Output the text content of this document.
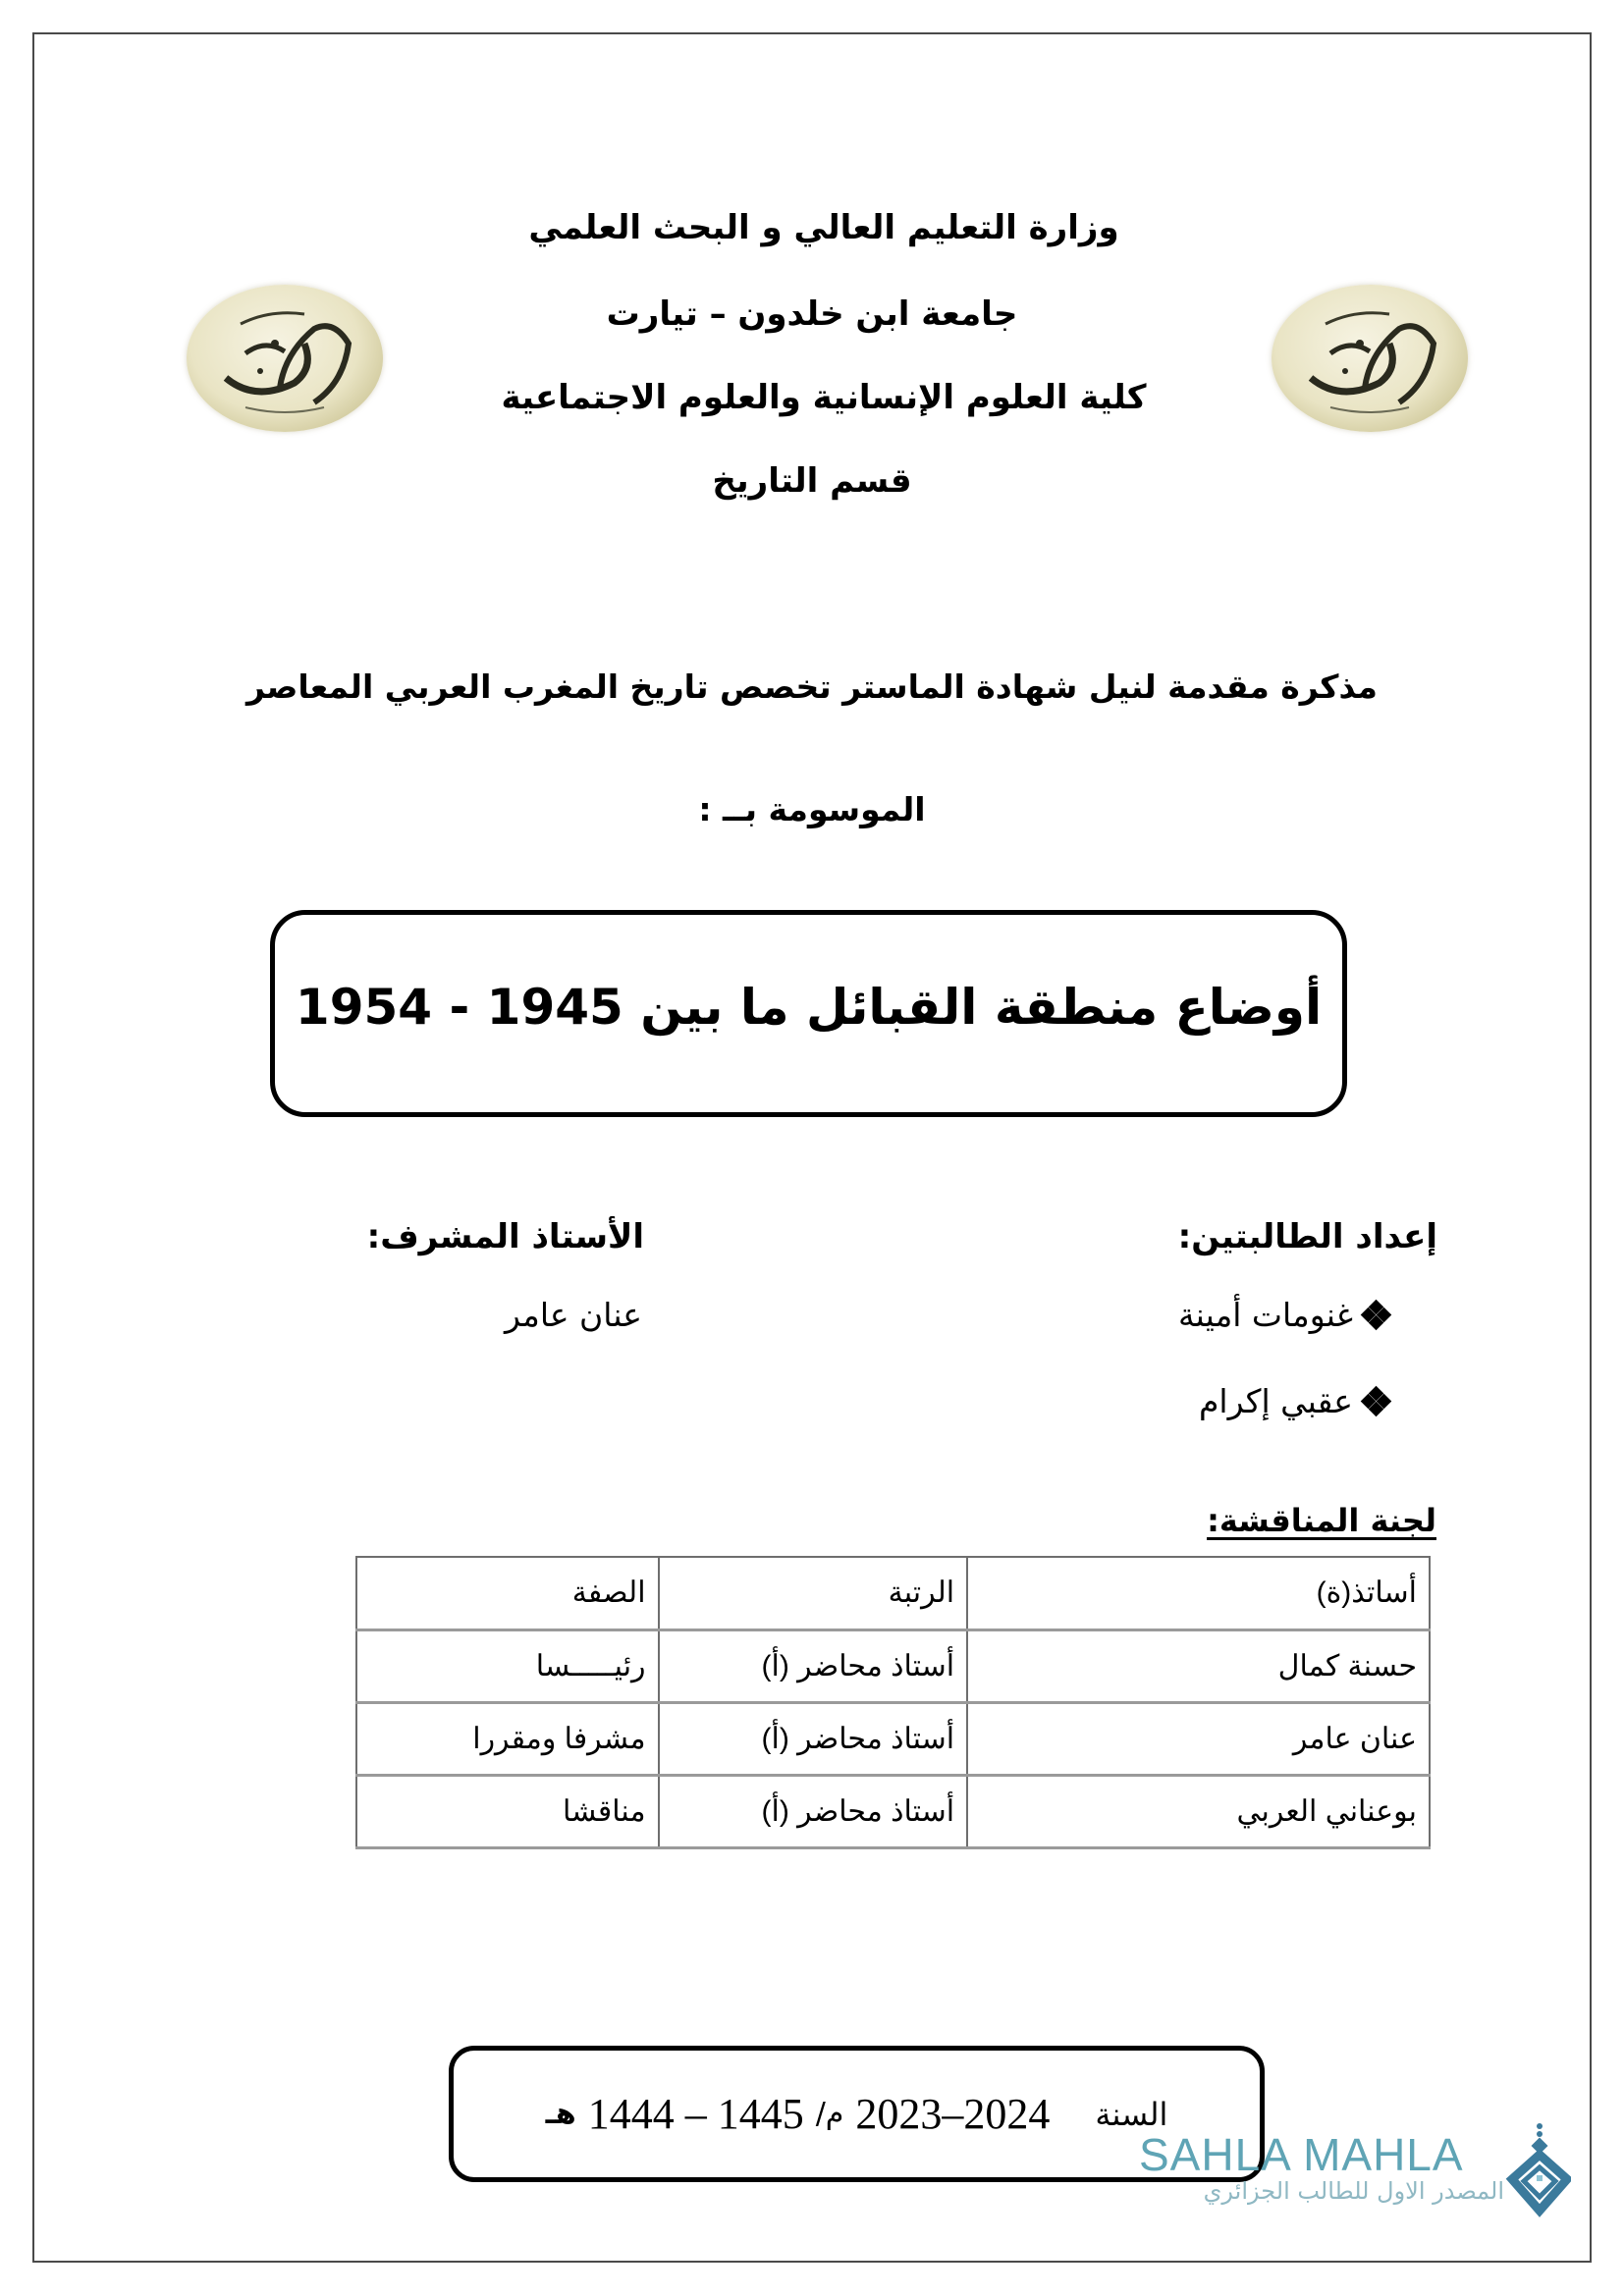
وزارة التعليم العالي و البحث العلمي
جامعة ابن خلدون – تيارت
كلية العلوم الإنسانية والعلوم الاجتماعية
قسم التاريخ
مذكرة مقدمة لنيل شهادة الماستر تخصص تاريخ المغرب العربي المعاصر
الموسومة بــ :
أوضاع منطقة القبائل ما بين 1945 - 1954
إعداد الطالبتين:
غنومات أمينة
عقبي إكرام
الأستاذ المشرف:
عنان عامر
لجنة المناقشة:
أساتذ(ة)	الرتبة	الصفة
حسنة كمال	أستاذ محاضر (أ)	رئيـــــسا
عنان عامر	أستاذ محاضر (أ)	مشرفا ومقررا
بوعناني العربي	أستاذ محاضر (أ)	مناقشا
السنة
2023–2024
م/
1444 – 1445
هـ
SAHLA MAHLA
المصدر الاول للطالب الجزائري
